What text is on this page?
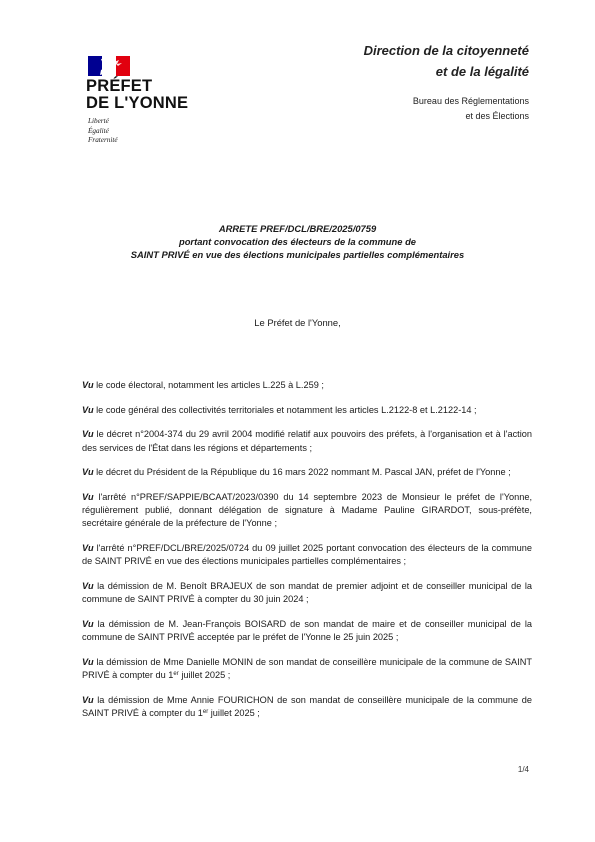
PRÉFET
DE L'YONNE
Liberté
Égalité
Fraternité
Direction de la citoyenneté
et de la légalité
Bureau des Réglementations
et des Élections
ARRETE PREF/DCL/BRE/2025/0759
portant convocation des électeurs de la commune de
SAINT PRIVÉ en vue des élections municipales partielles complémentaires
Le Préfet de l'Yonne,

Vu le code électoral, notamment les articles L.225 à L.259 ;

Vu le code général des collectivités territoriales et notamment les articles L.2122-8 et L.2122-14 ;

Vu le décret n°2004-374 du 29 avril 2004 modifié relatif aux pouvoirs des préfets, à l'organisation et à l'action des services de l'État dans les régions et départements ;

Vu le décret du Président de la République du 16 mars 2022 nommant M. Pascal JAN, préfet de l'Yonne ;

Vu l'arrêté n°PREF/SAPPIE/BCAAT/2023/0390 du 14 septembre 2023 de Monsieur le préfet de l'Yonne, régulièrement publié, donnant délégation de signature à Madame Pauline GIRARDOT, sous-préfète, secrétaire générale de la préfecture de l'Yonne ;

Vu l'arrêté n°PREF/DCL/BRE/2025/0724 du 09 juillet 2025 portant convocation des électeurs de la commune de SAINT PRIVÉ en vue des élections municipales partielles complémentaires ;

Vu la démission de M. Benoît BRAJEUX de son mandat de premier adjoint et de conseiller municipal de la commune de SAINT PRIVÉ à compter du 30 juin 2024 ;

Vu la démission de M. Jean-François BOISARD de son mandat de maire et de conseiller municipal de la commune de SAINT PRIVÉ acceptée par le préfet de l'Yonne le 25 juin 2025 ;

Vu la démission de Mme Danielle MONIN de son mandat de conseillère municipale de la commune de SAINT PRIVÉ à compter du 1er juillet 2025 ;

Vu la démission de Mme Annie FOURICHON de son mandat de conseillère municipale de la commune de SAINT PRIVÉ à compter du 1er juillet 2025 ;

1/4
